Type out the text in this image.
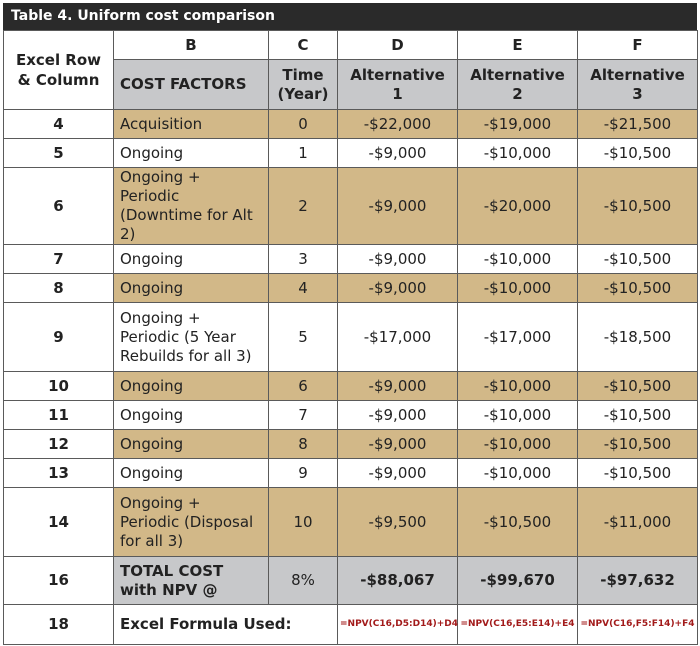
Table 4. Uniform cost comparison
Excel Row & Column	B	C	D	E	F
	COST FACTORS	Time (Year)	Alternative 1	Alternative 2	Alternative 3
4	Acquisition	0	-$22,000	-$19,000	-$21,500
5	Ongoing	1	-$9,000	-$10,000	-$10,500
6	Ongoing + Periodic (Downtime for Alt 2)	2	-$9,000	-$20,000	-$10,500
7	Ongoing	3	-$9,000	-$10,000	-$10,500
8	Ongoing	4	-$9,000	-$10,000	-$10,500
9	Ongoing + Periodic (5 Year Rebuilds for all 3)	5	-$17,000	-$17,000	-$18,500
10	Ongoing	6	-$9,000	-$10,000	-$10,500
11	Ongoing	7	-$9,000	-$10,000	-$10,500
12	Ongoing	8	-$9,000	-$10,000	-$10,500
13	Ongoing	9	-$9,000	-$10,000	-$10,500
14	Ongoing + Periodic (Disposal for all 3)	10	-$9,500	-$10,500	-$11,000
16	TOTAL COST with NPV @	8%	-$88,067	-$99,670	-$97,632
18	Excel Formula Used:		=NPV(C16,D5:D14)+D4	=NPV(C16,E5:E14)+E4	=NPV(C16,F5:F14)+F4
